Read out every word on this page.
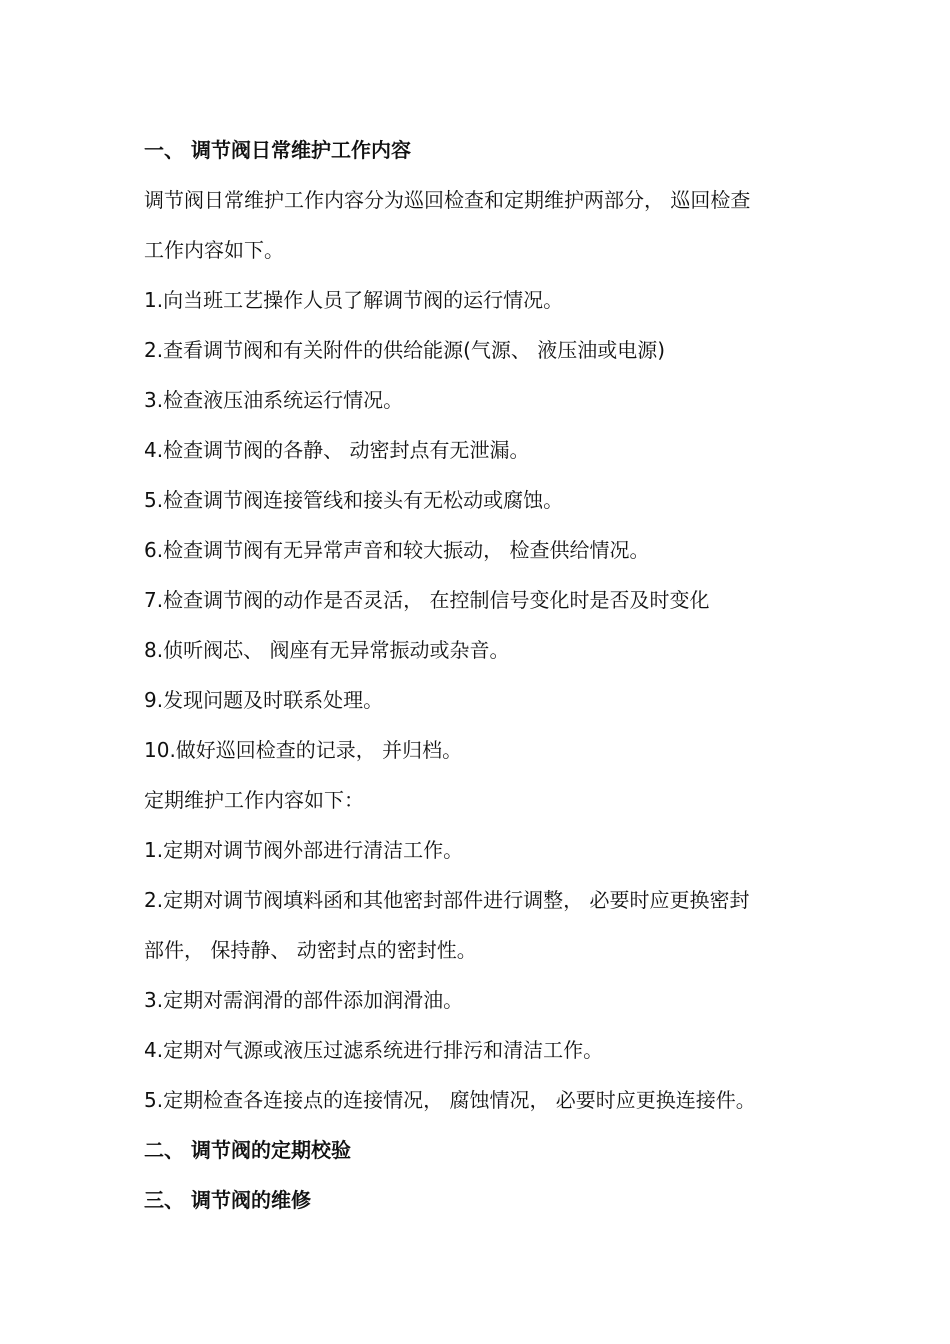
一、 调节阀日常维护工作内容
调节阀日常维护工作内容分为巡回检查和定期维护两部分， 巡回检查
工作内容如下。
1.向当班工艺操作人员了解调节阀的运行情况。
2.查看调节阀和有关附件的供给能源(气源、 液压油或电源)
3.检查液压油系统运行情况。
4.检查调节阀的各静、 动密封点有无泄漏。
5.检查调节阀连接管线和接头有无松动或腐蚀。
6.检查调节阀有无异常声音和较大振动， 检查供给情况。
7.检查调节阀的动作是否灵活， 在控制信号变化时是否及时变化
8.侦听阀芯、 阀座有无异常振动或杂音。
9.发现问题及时联系处理。
10.做好巡回检查的记录， 并归档。
定期维护工作内容如下：
1.定期对调节阀外部进行清洁工作。
2.定期对调节阀填料函和其他密封部件进行调整， 必要时应更换密封
部件， 保持静、 动密封点的密封性。
3.定期对需润滑的部件添加润滑油。
4.定期对气源或液压过滤系统进行排污和清洁工作。
5.定期检查各连接点的连接情况， 腐蚀情况， 必要时应更换连接件。
二、 调节阀的定期校验
三、 调节阀的维修
